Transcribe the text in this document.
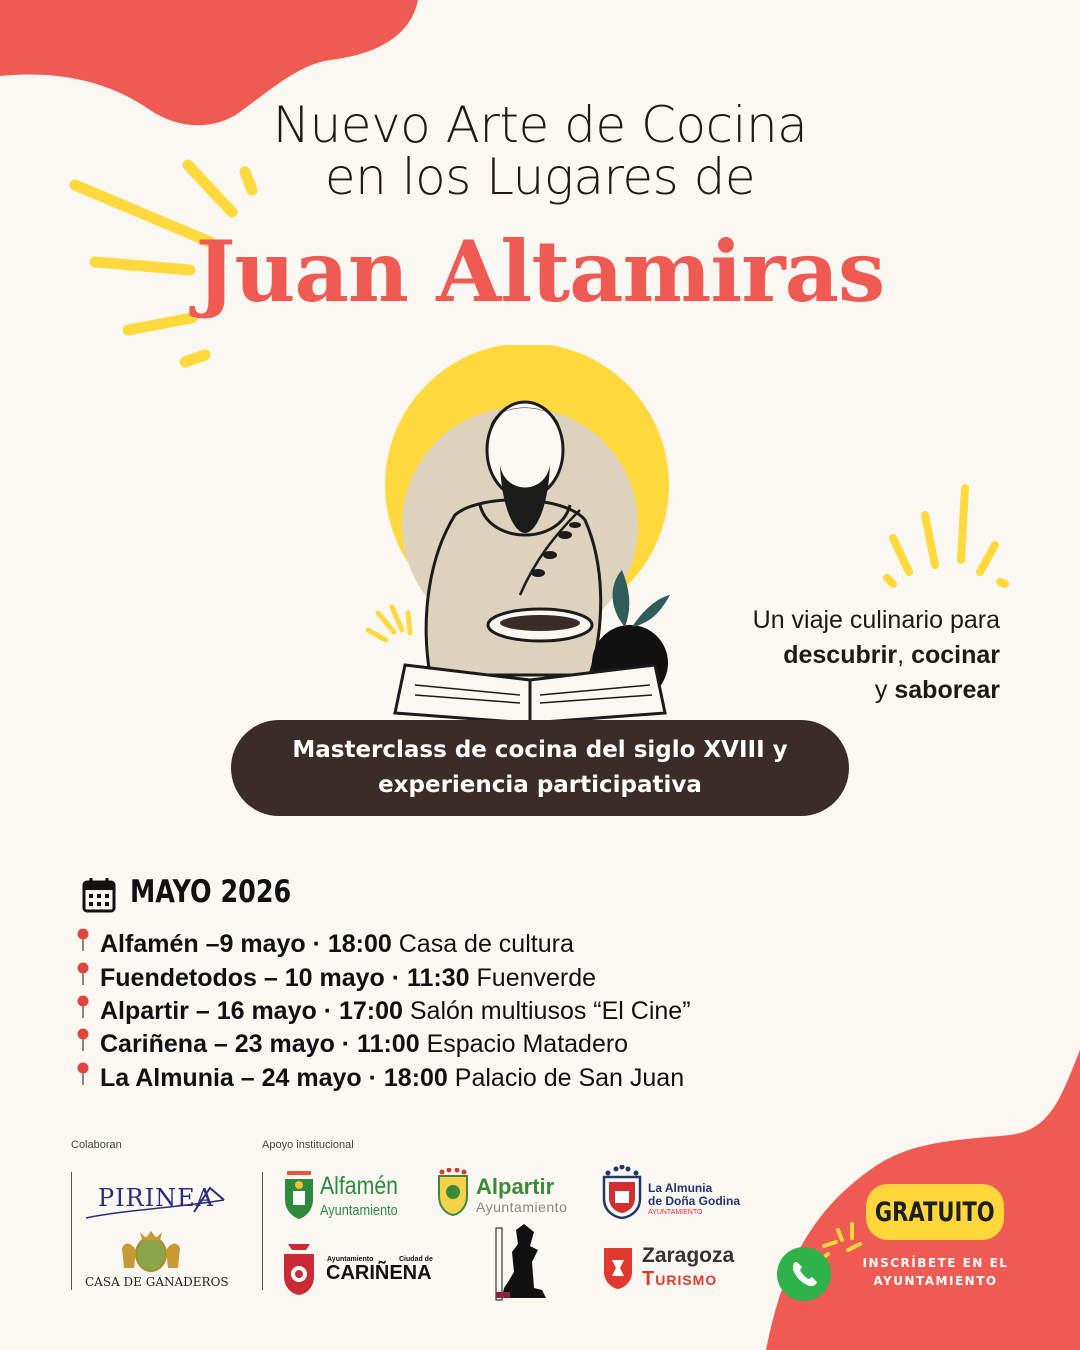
Nuevo Arte de Cocina
en los Lugares de
Juan Altamiras
Un viaje culinario para
descubrir, cocinar
y saborear
Masterclass de cocina del siglo XVIII y
experiencia participativa
MAYO 2026
Alfamén –9 mayo · 18:00 Casa de cultura
Fuendetodos – 10 mayo · 11:30 Fuenverde
Alpartir – 16 mayo · 17:00 Salón multiusos “El Cine”
Cariñena – 23 mayo · 11:00 Espacio Matadero
La Almunia – 24 mayo · 18:00 Palacio de San Juan
Colaboran	Apoyo institucional
PIRINEA
CASA DE GANADEROS
Alfamén
Ayuntamiento
Alpartir
Ayuntamiento
La Almunia
de Doña Godina
AYUNTAMIENTO
Ayuntamiento	Ciudad de
CARIÑENA
Zaragoza
Turismo
GRATUITO
INSCRÍBETE EN EL
AYUNTAMIENTO
